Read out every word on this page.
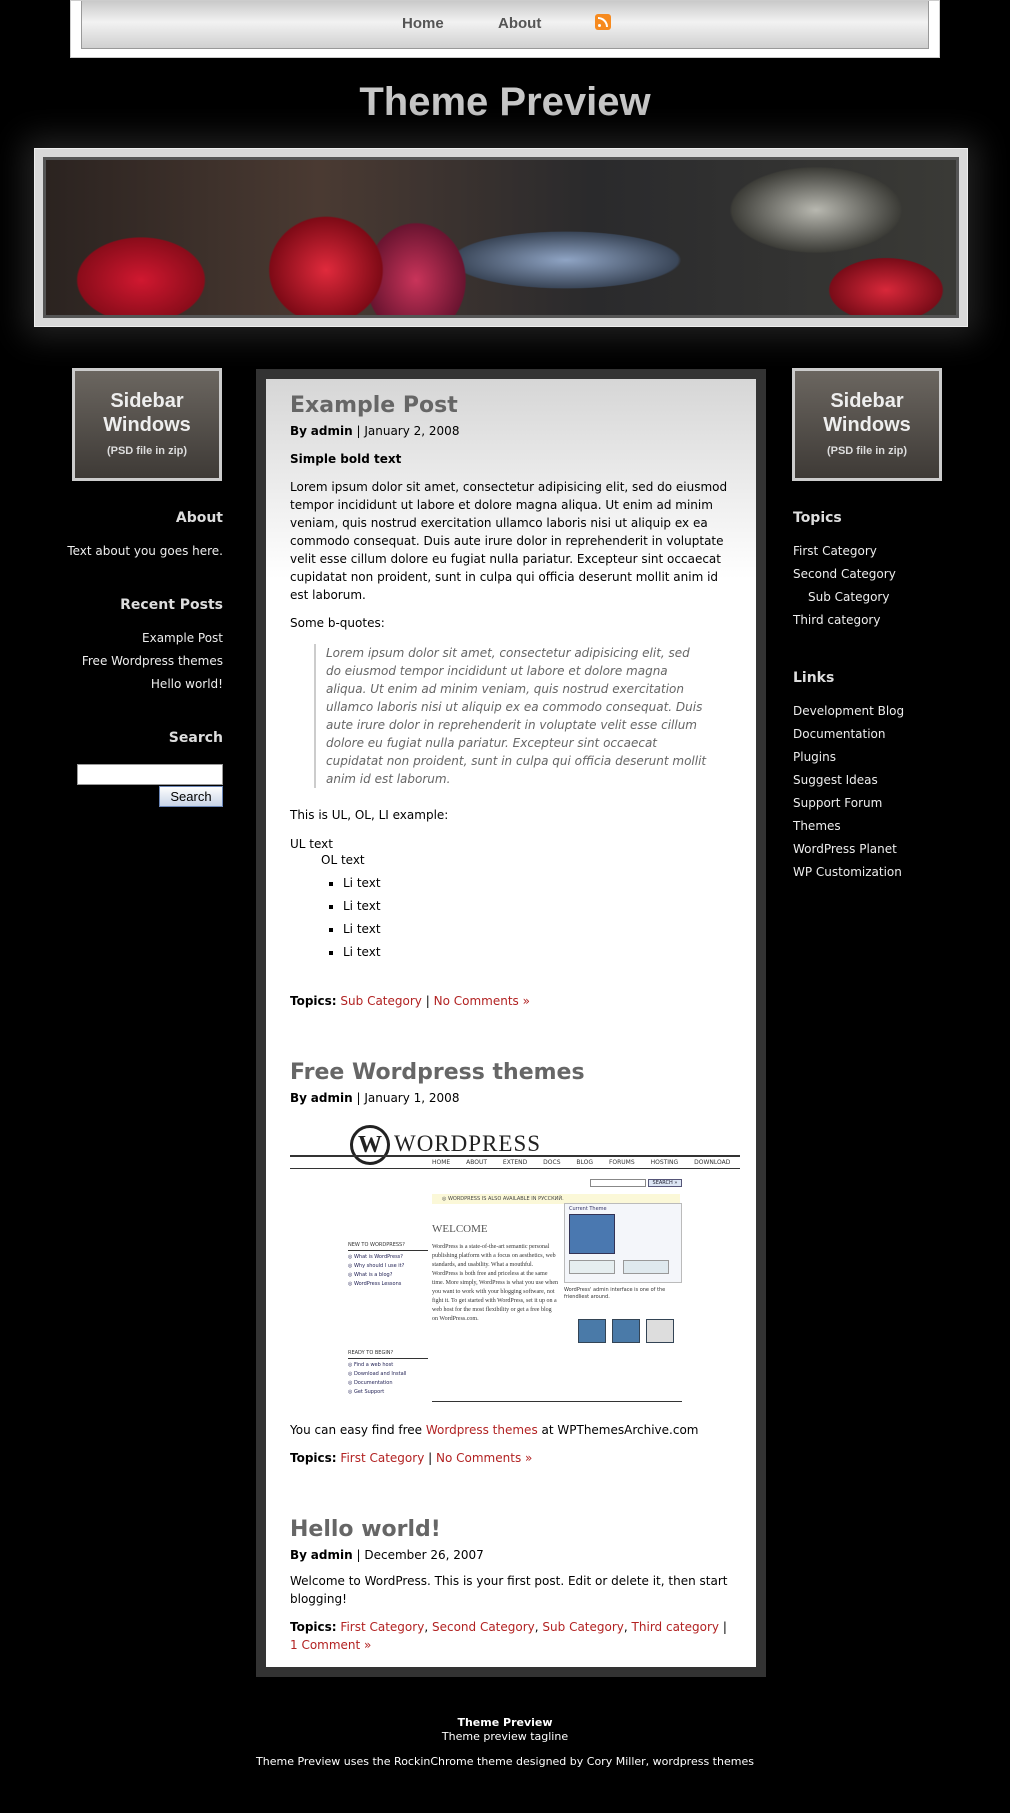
Home	About
Theme Preview
Sidebar
Windows
(PSD file in zip)
Sidebar
Windows
(PSD file in zip)
About
Text about you goes here.
Recent Posts
Example Post
Free Wordpress themes
Hello world!
Search

Search
Topics
First Category
Second Category
Sub Category
Third category
Links
Development Blog
Documentation
Plugins
Suggest Ideas
Support Forum
Themes
WordPress Planet
WP Customization
Example Post
By admin | January 2, 2008
Simple bold text
Lorem ipsum dolor sit amet, consectetur adipisicing elit, sed do eiusmod tempor incididunt ut labore et dolore magna aliqua. Ut enim ad minim veniam, quis nostrud exercitation ullamco laboris nisi ut aliquip ex ea commodo consequat. Duis aute irure dolor in reprehenderit in voluptate velit esse cillum dolore eu fugiat nulla pariatur. Excepteur sint occaecat cupidatat non proident, sunt in culpa qui officia deserunt mollit anim id est laborum.
Some b-quotes:
Lorem ipsum dolor sit amet, consectetur adipisicing elit, sed do eiusmod tempor incididunt ut labore et dolore magna aliqua. Ut enim ad minim veniam, quis nostrud exercitation ullamco laboris nisi ut aliquip ex ea commodo consequat. Duis aute irure dolor in reprehenderit in voluptate velit esse cillum dolore eu fugiat nulla pariatur. Excepteur sint occaecat cupidatat non proident, sunt in culpa qui officia deserunt mollit anim id est laborum.
This is UL, OL, LI example:
UL text
OL text
▪ Li text
▪ Li text
▪ Li text
▪ Li text
Topics: Sub Category | No Comments »
Free Wordpress themes
By admin | January 1, 2008
W WORDPRESS
HOME ABOUT EXTEND DOCS BLOG FORUMS HOSTING DOWNLOAD
SEARCH »
◎ WORDPRESS IS ALSO AVAILABLE IN РУССКИЙ.
WELCOME
WordPress is a state-of-the-art semantic personal publishing platform with a focus on aesthetics, web standards, and usability. What a mouthful. WordPress is both free and priceless at the same time. More simply, WordPress is what you use when you want to work with your blogging software, not fight it. To get started with WordPress, set it up on a web host for the most flexibility or get a free blog on WordPress.com.
NEW TO WORDPRESS?
◎ What is WordPress?
◎ Why should I use it?
◎ What is a blog?
◎ WordPress Lessons
READY TO BEGIN?
◎ Find a web host
◎ Download and Install
◎ Documentation
◎ Get Support
Current Theme
WordPress' admin interface is one of the friendliest around.
You can easy find free Wordpress themes at WPThemesArchive.com
Topics: First Category | No Comments »
Hello world!
By admin | December 26, 2007
Welcome to WordPress. This is your first post. Edit or delete it, then start blogging!
Topics: First Category, Second Category, Sub Category, Third category | 1 Comment »
Theme Preview
Theme preview tagline
Theme Preview uses the RockinChrome theme designed by Cory Miller, wordpress themes
